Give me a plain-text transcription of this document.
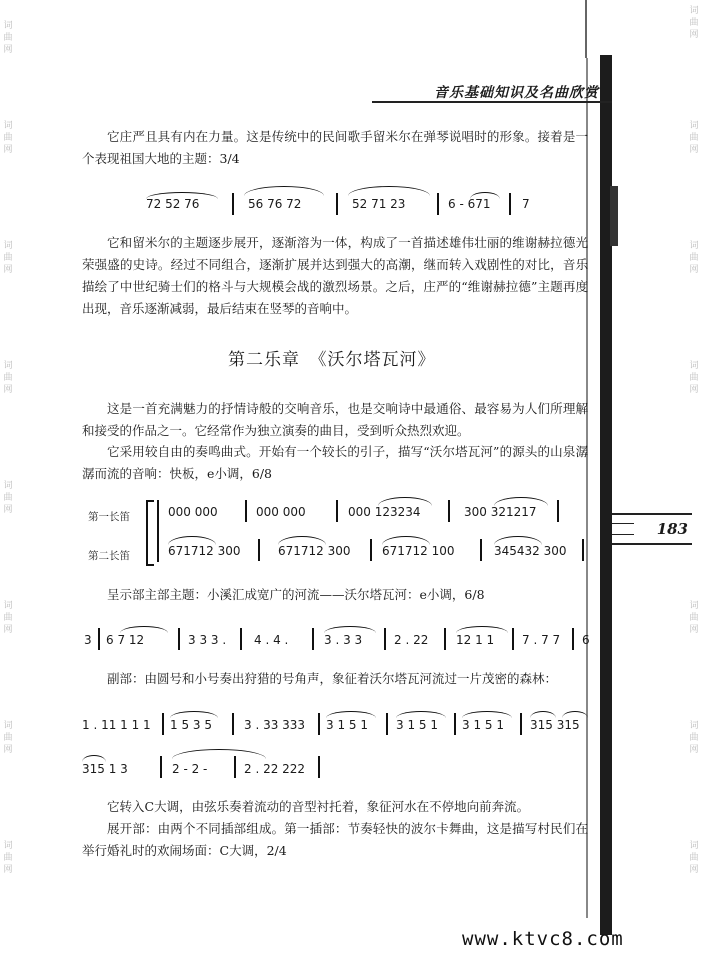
词曲网
词曲网
词曲网
词曲网
词曲网
词曲网
词曲网
词曲网
词曲网
词曲网
词曲网
词曲网
词曲网
词曲网
词曲网
音乐基础知识及名曲欣赏
183

它庄严且具有内在力量。这是传统中的民间歌手留米尔在弹琴说唱时的形象。接着是一个表现祖国大地的主题：3/4

72 52 76	56 76 72	52 71 23	6 - 671	7

它和留米尔的主题逐步展开，逐渐溶为一体，构成了一首描述雄伟壮丽的维谢赫拉德光荣强盛的史诗。经过不同组合，逐渐扩展并达到强大的高潮，继而转入戏剧性的对比，音乐描绘了中世纪骑士们的格斗与大规模会战的激烈场景。之后，庄严的“维谢赫拉德”主题再度出现，音乐逐渐减弱，最后结束在竖琴的音响中。

第二乐章　《沃尔塔瓦河》

这是一首充满魅力的抒情诗般的交响音乐，也是交响诗中最通俗、最容易为人们所理解和接受的作品之一。它经常作为独立演奏的曲目，受到听众热烈欢迎。

它采用较自由的奏鸣曲式。开始有一个较长的引子，描写“沃尔塔瓦河”的源头的山泉潺潺而流的音响：快板，e小调，6/8

第一长笛
第二长笛
000 000	000 000	000 123234	300 321217
671712 300	671712 300	671712 100	345432 300

呈示部主部主题：小溪汇成宽广的河流——沃尔塔瓦河：e小调，6/8

3 6 7 12	3 3 3 . 4 . 4 .	3 . 3 3	2 . 22 12 1 1 7 . 7 7 6

副部：由圆号和小号奏出狩猎的号角声，象征着沃尔塔瓦河流过一片茂密的森林：

1 . 11 1 1 1 1 5 3 5	3 . 33 333 3 1 5 1 3 1 5 1 3 1 5 1 315 315
315 1 3	2 - 2 -	2 . 22 222

它转入C大调，由弦乐奏着流动的音型衬托着，象征河水在不停地向前奔流。

展开部：由两个不同插部组成。第一插部：节奏轻快的波尔卡舞曲，这是描写村民们在举行婚礼时的欢闹场面：C大调，2/4

www.ktvc8.com
